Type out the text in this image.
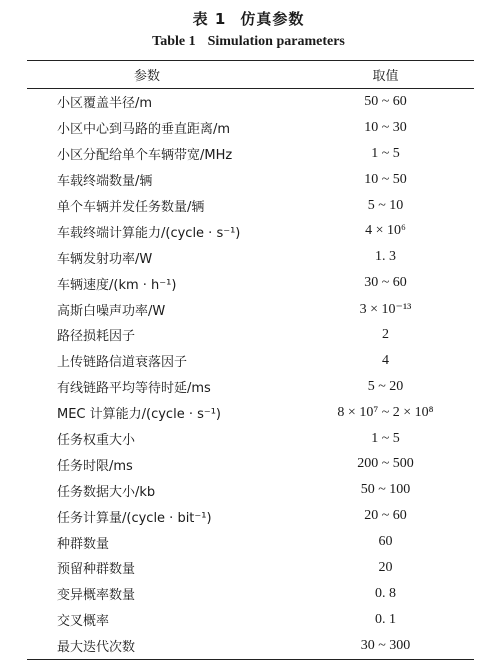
表 1 仿真参数
Table 1 Simulation parameters
参数	取值
小区覆盖半径/m	50 ~ 60
小区中心到马路的垂直距离/m	10 ~ 30
小区分配给单个车辆带宽/MHz	1 ~ 5
车载终端数量/辆	10 ~ 50
单个车辆并发任务数量/辆	5 ~ 10
车载终端计算能力/(cycle · s⁻¹)	4 × 10⁶
车辆发射功率/W	1. 3
车辆速度/(km · h⁻¹)	30 ~ 60
高斯白噪声功率/W	3 × 10⁻¹³
路径损耗因子	2
上传链路信道衰落因子	4
有线链路平均等待时延/ms	5 ~ 20
MEC 计算能力/(cycle · s⁻¹)	8 × 10⁷ ~ 2 × 10⁸
任务权重大小	1 ~ 5
任务时限/ms	200 ~ 500
任务数据大小/kb	50 ~ 100
任务计算量/(cycle · bit⁻¹)	20 ~ 60
种群数量	60
预留种群数量	20
变异概率数量	0. 8
交叉概率	0. 1
最大迭代次数	30 ~ 300
